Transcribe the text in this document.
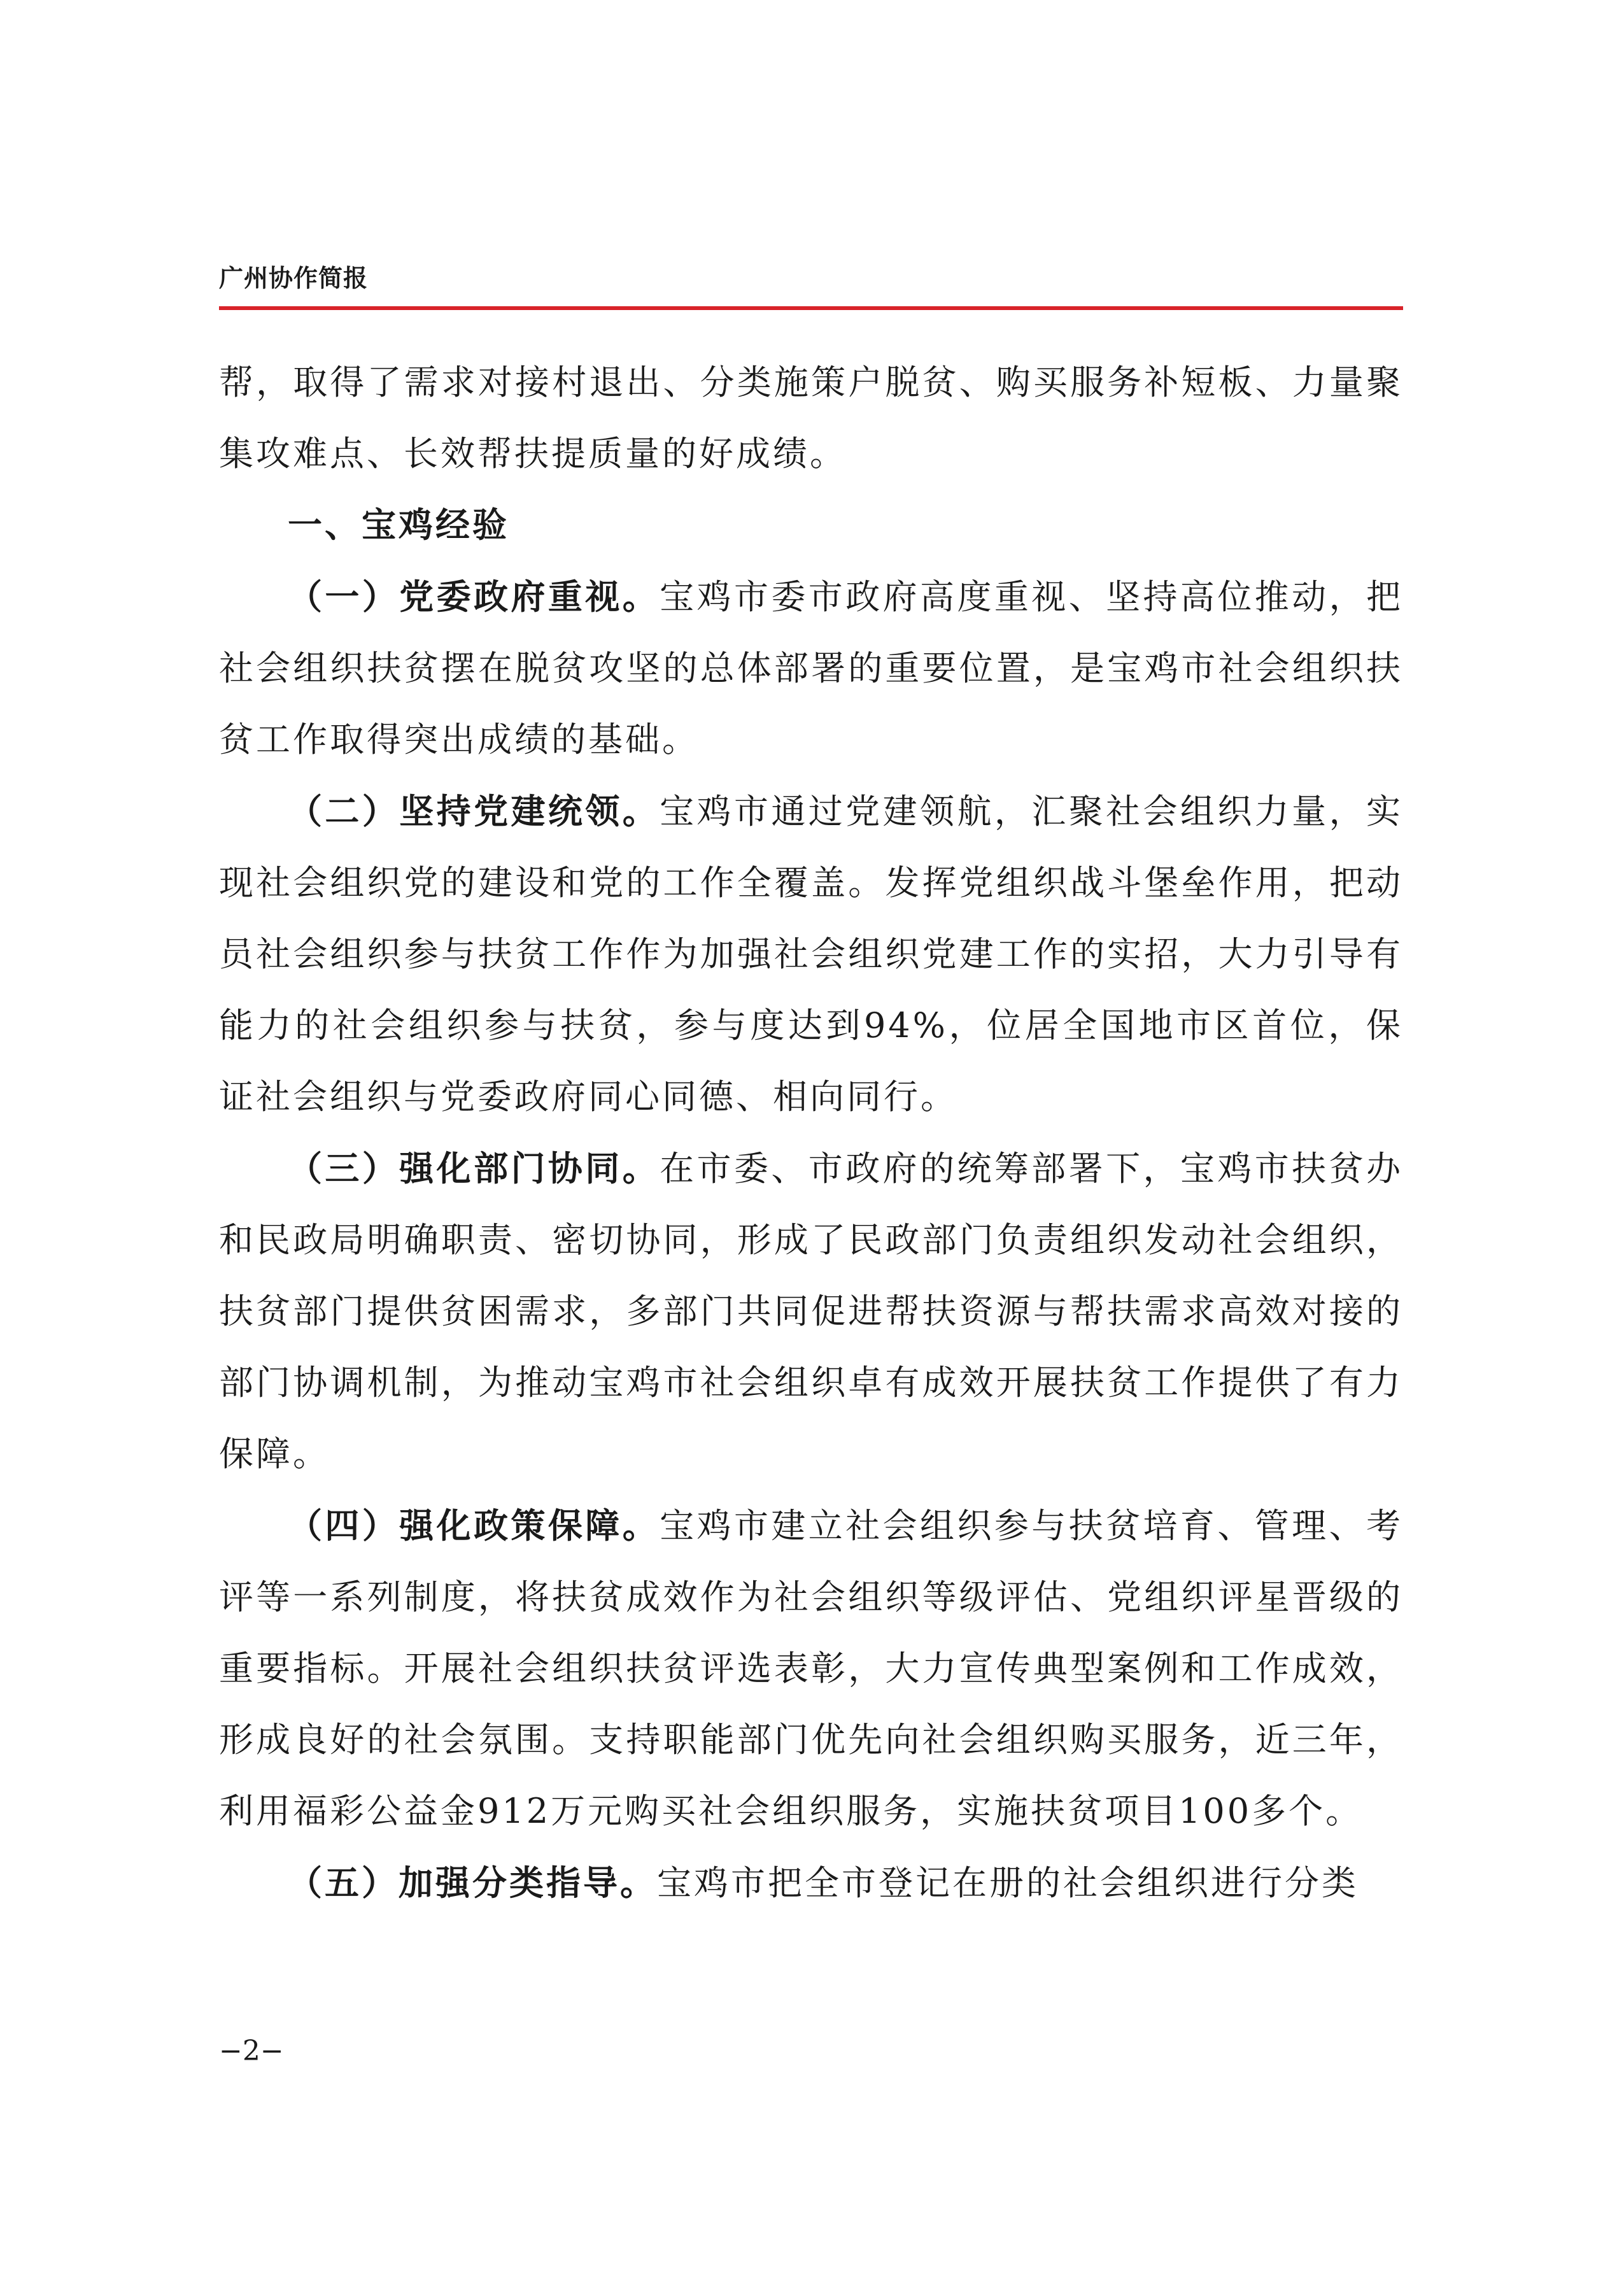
广州协作简报

帮，取得了需求对接村退出、分类施策户脱贫、购买服务补短板、力量聚集攻难点、长效帮扶提质量的好成绩。

一、宝鸡经验

（一）党委政府重视。宝鸡市委市政府高度重视、坚持高位推动，把社会组织扶贫摆在脱贫攻坚的总体部署的重要位置，是宝鸡市社会组织扶贫工作取得突出成绩的基础。

（二）坚持党建统领。宝鸡市通过党建领航，汇聚社会组织力量，实现社会组织党的建设和党的工作全覆盖。发挥党组织战斗堡垒作用，把动员社会组织参与扶贫工作作为加强社会组织党建工作的实招，大力引导有能力的社会组织参与扶贫，参与度达到94%，位居全国地市区首位，保证社会组织与党委政府同心同德、相向同行。

（三）强化部门协同。在市委、市政府的统筹部署下，宝鸡市扶贫办和民政局明确职责、密切协同，形成了民政部门负责组织发动社会组织，扶贫部门提供贫困需求，多部门共同促进帮扶资源与帮扶需求高效对接的部门协调机制，为推动宝鸡市社会组织卓有成效开展扶贫工作提供了有力保障。

（四）强化政策保障。宝鸡市建立社会组织参与扶贫培育、管理、考评等一系列制度，将扶贫成效作为社会组织等级评估、党组织评星晋级的重要指标。开展社会组织扶贫评选表彰，大力宣传典型案例和工作成效，形成良好的社会氛围。支持职能部门优先向社会组织购买服务，近三年，利用福彩公益金912万元购买社会组织服务，实施扶贫项目100多个。

（五）加强分类指导。宝鸡市把全市登记在册的社会组织进行分类

−2−
